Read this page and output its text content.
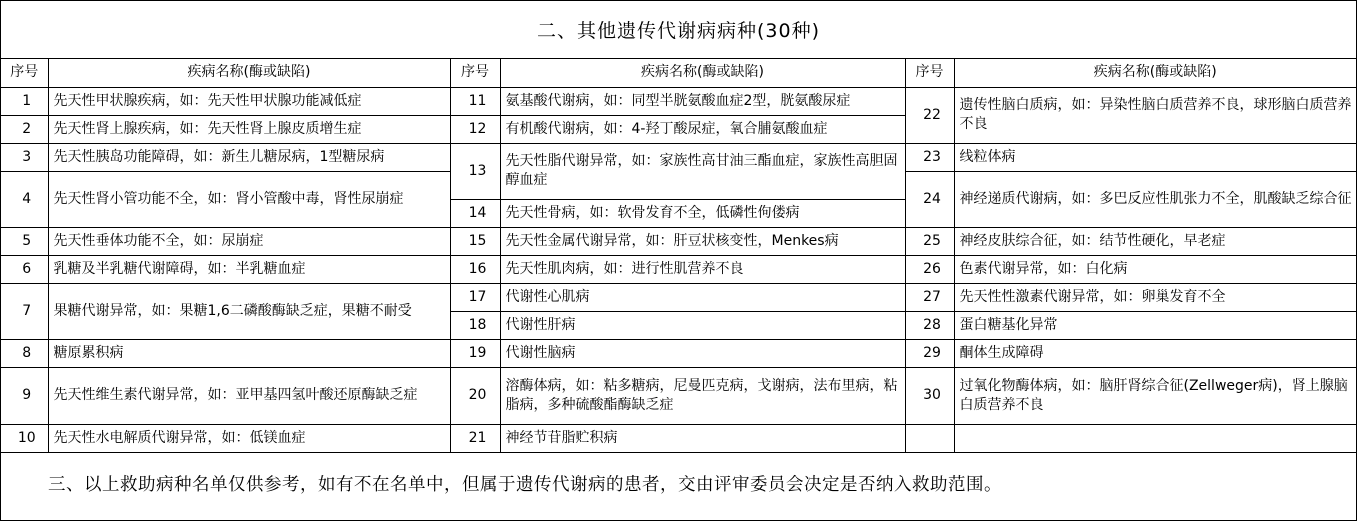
二、其他遗传代谢病病种(30种)
序号	疾病名称(酶或缺陷)	序号	疾病名称(酶或缺陷)	序号	疾病名称(酶或缺陷)
1	先天性甲状腺疾病，如：先天性甲状腺功能减低症	11	氨基酸代谢病，如：同型半胱氨酸血症2型，胱氨酸尿症	22	遗传性脑白质病，如：异染性脑白质营养不良，球形脑白质营养不良
2	先天性肾上腺疾病，如：先天性肾上腺皮质增生症	12	有机酸代谢病，如：4-羟丁酸尿症，氧合脯氨酸血症		
3	先天性胰岛功能障碍，如：新生儿糖尿病，1型糖尿病	13	先天性脂代谢异常，如：家族性高甘油三酯血症，家族性高胆固醇血症	23	线粒体病
4	先天性肾小管功能不全，如：肾小管酸中毒，肾性尿崩症			24	神经递质代谢病，如：多巴反应性肌张力不全，肌酸缺乏综合征
		14	先天性骨病，如：软骨发育不全，低磷性佝偻病		
5	先天性垂体功能不全，如：尿崩症	15	先天性金属代谢异常，如：肝豆状核变性，Menkes病	25	神经皮肤综合征，如：结节性硬化，早老症
6	乳糖及半乳糖代谢障碍，如：半乳糖血症	16	先天性肌肉病，如：进行性肌营养不良	26	色素代谢异常，如：白化病
7	果糖代谢异常，如：果糖1,6二磷酸酶缺乏症，果糖不耐受	17	代谢性心肌病	27	先天性性激素代谢异常，如：卵巢发育不全
		18	代谢性肝病	28	蛋白糖基化异常
8	糖原累积病	19	代谢性脑病	29	酮体生成障碍
9	先天性维生素代谢异常，如：亚甲基四氢叶酸还原酶缺乏症	20	溶酶体病，如：粘多糖病，尼曼匹克病，戈谢病，法布里病，粘脂病，多种硫酸酯酶缺乏症	30	过氧化物酶体病，如：脑肝肾综合征(Zellweger病)，肾上腺脑白质营养不良
10	先天性水电解质代谢异常，如：低镁血症	21	神经节苷脂贮积病		
三、以上救助病种名单仅供参考，如有不在名单中，但属于遗传代谢病的患者，交由评审委员会决定是否纳入救助范围。
